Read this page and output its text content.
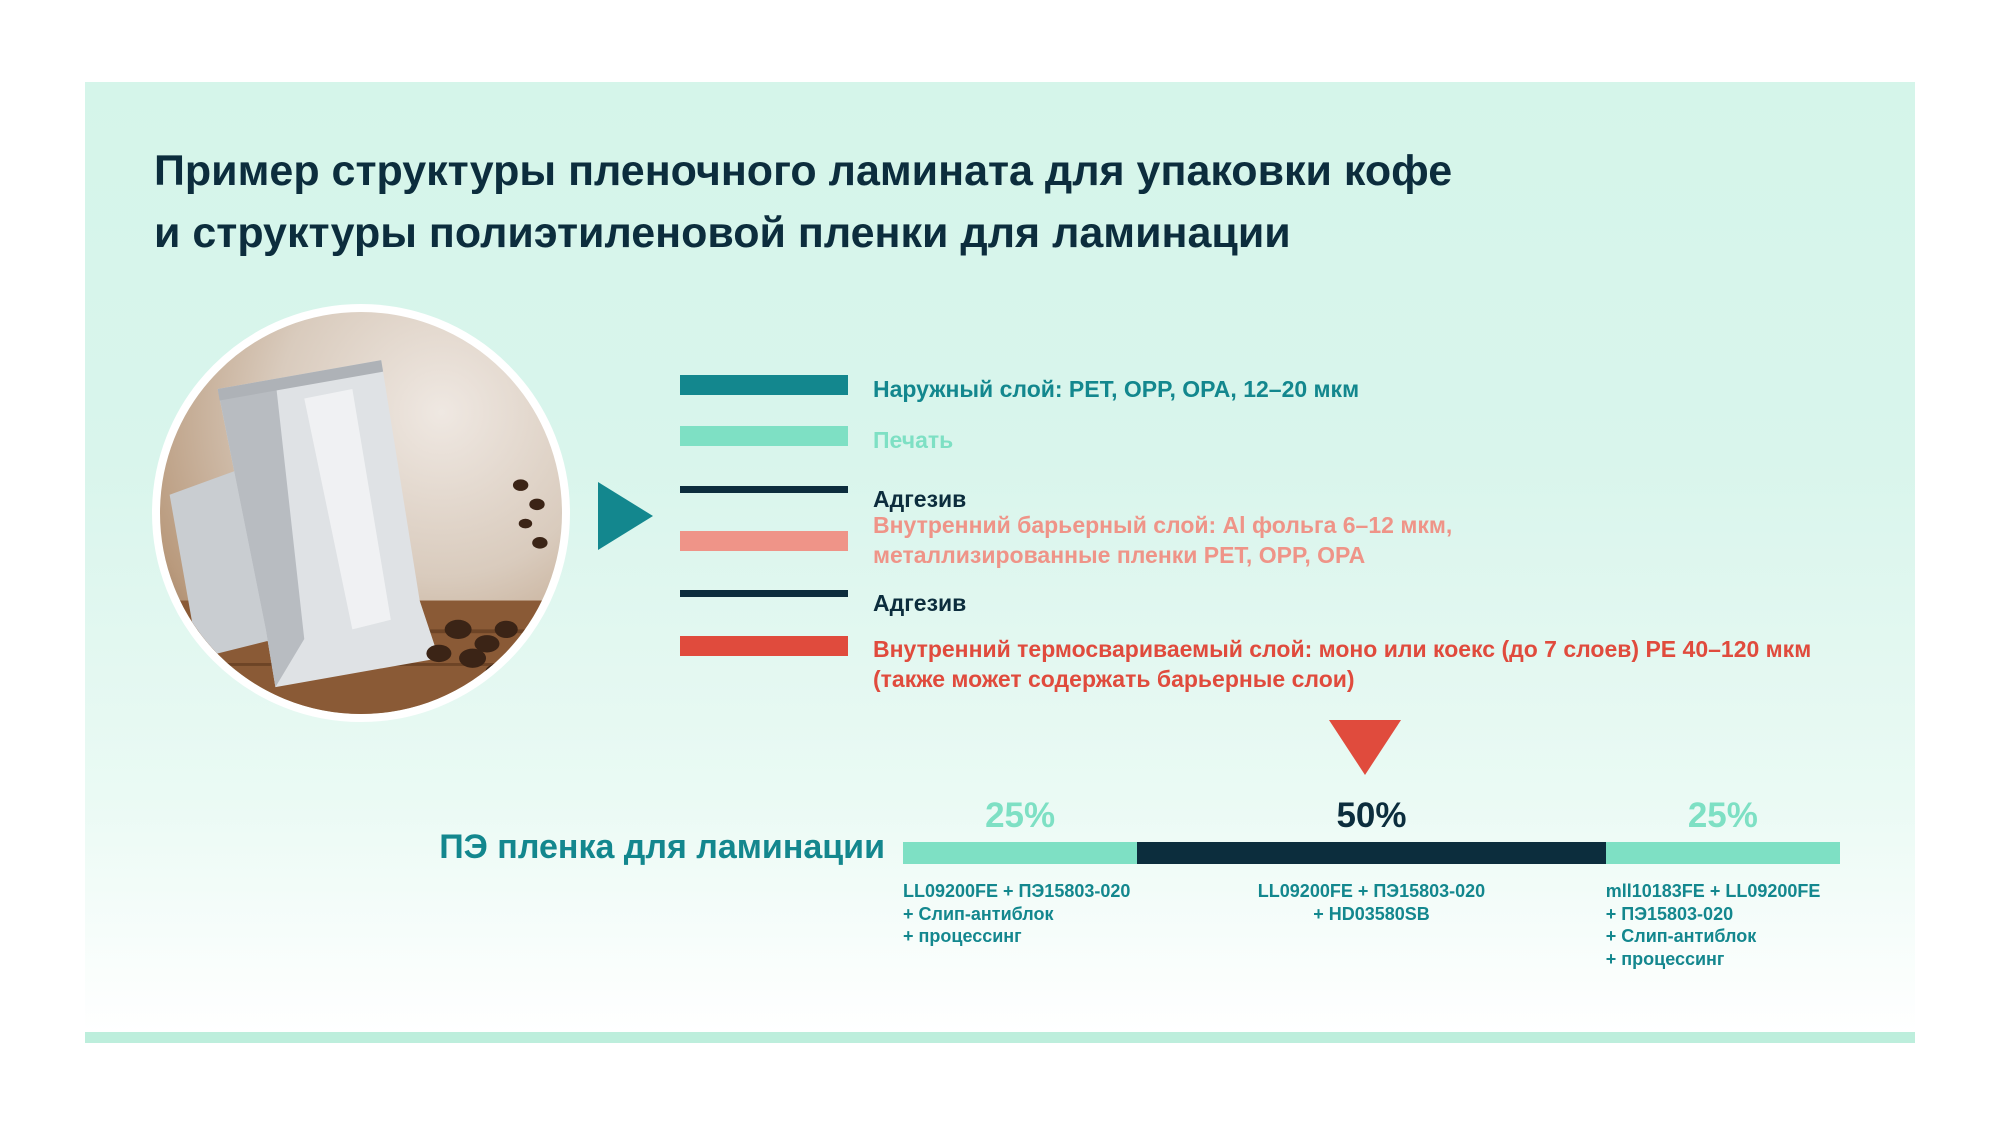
Пример структуры пленочного ламината для упаковки кофе
и структуры полиэтиленовой пленки для ламинации
Наружный слой: PET, OPP, OPA, 12–20 мкм
Печать
Адгезив
Внутренний барьерный слой: Al фольга 6–12 мкм,
металлизированные пленки PET, OPP, OPA
Адгезив
Внутренний термосвариваемый слой: моно или коекс (до 7 слоев) PE 40–120 мкм
(также может содержать барьерные слои)
ПЭ пленка для ламинации
25%
LL09200FE + ПЭ15803-020
+ Слип-антиблок
+ процессинг
50%
LL09200FE + ПЭ15803-020
+ HD03580SB
25%
mll10183FE + LL09200FE
+ ПЭ15803-020
+ Слип-антиблок
+ процессинг
